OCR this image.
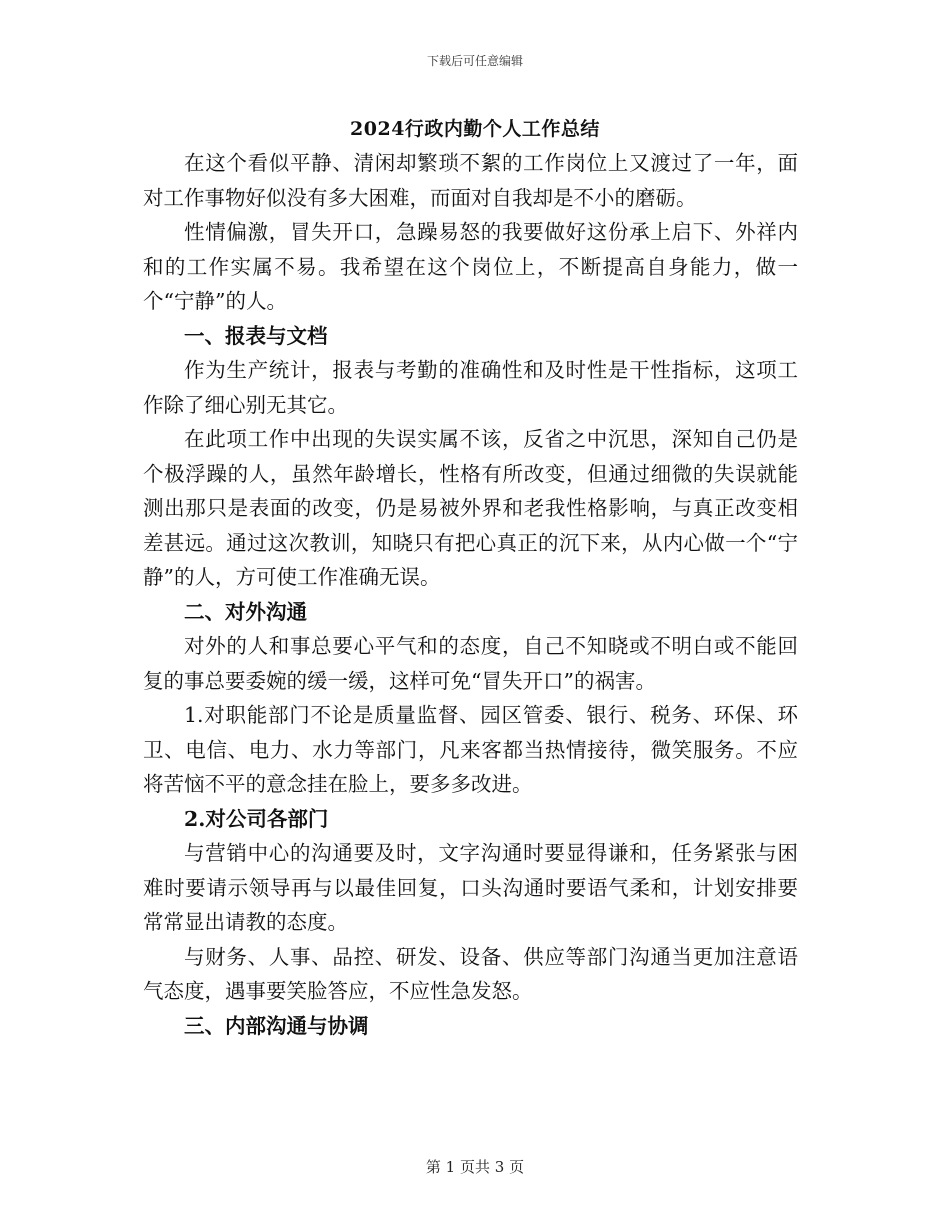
下载后可任意编辑
2024行政内勤个人工作总结

在这个看似平静、清闲却繁琐不絮的工作岗位上又渡过了一年，面对工作事物好似没有多大困难，而面对自我却是不小的磨砺。

性情偏激，冒失开口，急躁易怒的我要做好这份承上启下、外祥内和的工作实属不易。我希望在这个岗位上，不断提高自身能力，做一个“宁静”的人。

一、报表与文档

作为生产统计，报表与考勤的准确性和及时性是干性指标，这项工作除了细心别无其它。

在此项工作中出现的失误实属不该，反省之中沉思，深知自己仍是个极浮躁的人，虽然年龄增长，性格有所改变，但通过细微的失误就能测出那只是表面的改变，仍是易被外界和老我性格影响，与真正改变相差甚远。通过这次教训，知晓只有把心真正的沉下来，从内心做一个“宁静”的人，方可使工作准确无误。

二、对外沟通

对外的人和事总要心平气和的态度，自己不知晓或不明白或不能回复的事总要委婉的缓一缓，这样可免“冒失开口”的祸害。

1.对职能部门不论是质量监督、园区管委、银行、税务、环保、环卫、电信、电力、水力等部门，凡来客都当热情接待，微笑服务。不应将苦恼不平的意念挂在脸上，要多多改进。

2.对公司各部门

与营销中心的沟通要及时，文字沟通时要显得谦和，任务紧张与困难时要请示领导再与以最佳回复，口头沟通时要语气柔和，计划安排要常常显出请教的态度。

与财务、人事、品控、研发、设备、供应等部门沟通当更加注意语气态度，遇事要笑脸答应，不应性急发怒。

三、内部沟通与协调

第 1 页共 3 页
